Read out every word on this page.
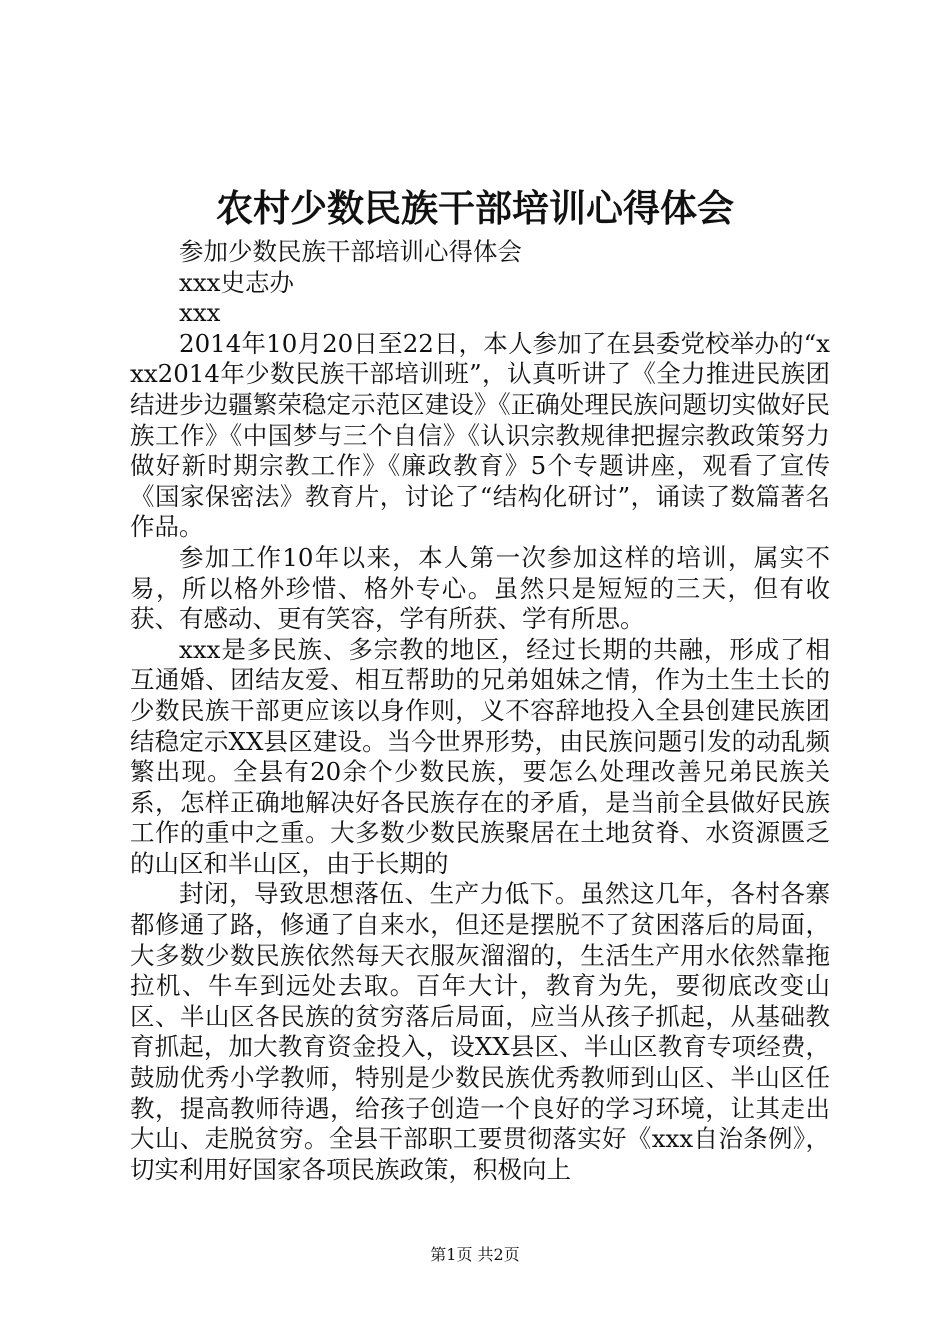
农村少数民族干部培训心得体会

参加少数民族干部培训心得体会

xxx史志办

xxx

2014年10月20日至22日，本人参加了在县委党校举办的“xxx2014年少数民族干部培训班”，认真听讲了《全力推进民族团结进步边疆繁荣稳定示范区建设》《正确处理民族问题切实做好民族工作》《中国梦与三个自信》《认识宗教规律把握宗教政策努力做好新时期宗教工作》《廉政教育》5个专题讲座，观看了宣传《国家保密法》教育片，讨论了“结构化研讨”，诵读了数篇著名作品。

参加工作10年以来，本人第一次参加这样的培训，属实不易，所以格外珍惜、格外专心。虽然只是短短的三天，但有收获、有感动、更有笑容，学有所获、学有所思。

xxx是多民族、多宗教的地区，经过长期的共融，形成了相互通婚、团结友爱、相互帮助的兄弟姐妹之情，作为土生土长的少数民族干部更应该以身作则，义不容辞地投入全县创建民族团结稳定示XX县区建设。当今世界形势，由民族问题引发的动乱频繁出现。全县有20余个少数民族，要怎么处理改善兄弟民族关系，怎样正确地解决好各民族存在的矛盾，是当前全县做好民族工作的重中之重。大多数少数民族聚居在土地贫脊、水资源匮乏的山区和半山区，由于长期的

封闭，导致思想落伍、生产力低下。虽然这几年，各村各寨都修通了路，修通了自来水，但还是摆脱不了贫困落后的局面，大多数少数民族依然每天衣服灰溜溜的，生活生产用水依然靠拖拉机、牛车到远处去取。百年大计，教育为先，要彻底改变山区、半山区各民族的贫穷落后局面，应当从孩子抓起，从基础教育抓起，加大教育资金投入，设XX县区、半山区教育专项经费，鼓励优秀小学教师，特别是少数民族优秀教师到山区、半山区任教，提高教师待遇，给孩子创造一个良好的学习环境，让其走出大山、走脱贫穷。全县干部职工要贯彻落实好《xxx自治条例》，切实利用好国家各项民族政策，积极向上

第1页 共2页
